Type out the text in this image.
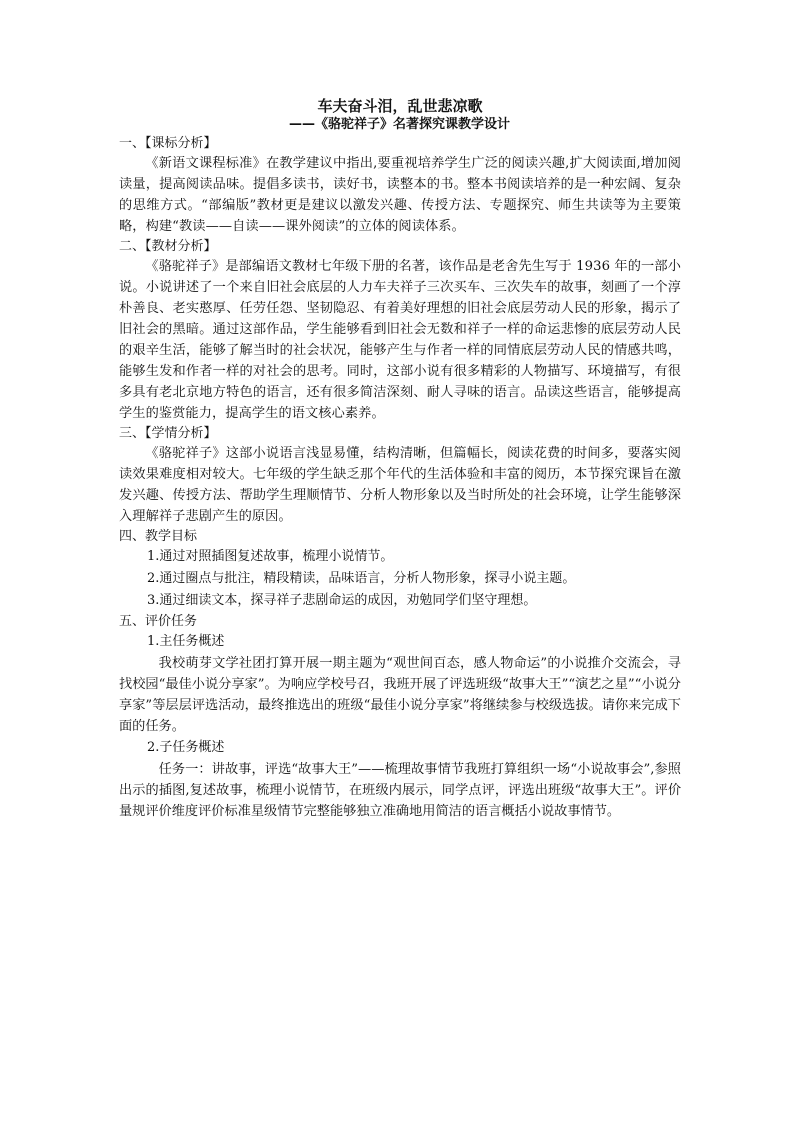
车夫奋斗泪，乱世悲凉歌

——《骆驼祥子》名著探究课教学设计

一、【课标分析】

《新语文课程标准》在教学建议中指出,要重视培养学生广泛的阅读兴趣,扩大阅读面,增加阅读量，提高阅读品味。提倡多读书，读好书，读整本的书。整本书阅读培养的是一种宏阔、复杂的思维方式。“部编版”教材更是建议以激发兴趣、传授方法、专题探究、师生共读等为主要策略，构建“教读——自读——课外阅读”的立体的阅读体系。

二、【教材分析】

《骆驼祥子》是部编语文教材七年级下册的名著，该作品是老舍先生写于 1936 年的一部小说。小说讲述了一个来自旧社会底层的人力车夫祥子三次买车、三次失车的故事，刻画了一个淳朴善良、老实憨厚、任劳任怨、坚韧隐忍、有着美好理想的旧社会底层劳动人民的形象，揭示了旧社会的黑暗。通过这部作品，学生能够看到旧社会无数和祥子一样的命运悲惨的底层劳动人民的艰辛生活，能够了解当时的社会状况，能够产生与作者一样的同情底层劳动人民的情感共鸣，能够生发和作者一样的对社会的思考。同时，这部小说有很多精彩的人物描写、环境描写，有很多具有老北京地方特色的语言，还有很多简洁深刻、耐人寻味的语言。品读这些语言，能够提高学生的鉴赏能力，提高学生的语文核心素养。

三、【学情分析】

《骆驼祥子》这部小说语言浅显易懂，结构清晰，但篇幅长，阅读花费的时间多，要落实阅读效果难度相对较大。七年级的学生缺乏那个年代的生活体验和丰富的阅历，本节探究课旨在激发兴趣、传授方法、帮助学生理顺情节、分析人物形象以及当时所处的社会环境，让学生能够深入理解祥子悲剧产生的原因。

四、教学目标

1.通过对照插图复述故事，梳理小说情节。

2.通过圈点与批注，精段精读，品味语言，分析人物形象，探寻小说主题。

3.通过细读文本，探寻祥子悲剧命运的成因，劝勉同学们坚守理想。

五、评价任务

1.主任务概述

我校萌芽文学社团打算开展一期主题为“观世间百态，感人物命运”的小说推介交流会，寻找校园“最佳小说分享家”。为响应学校号召，我班开展了评选班级“故事大王”“演艺之星”“小说分享家”等层层评选活动，最终推选出的班级“最佳小说分享家”将继续参与校级选拔。请你来完成下面的任务。

2.子任务概述

任务一：讲故事，评选“故事大王”——梳理故事情节我班打算组织一场“小说故事会”,参照出示的插图,复述故事，梳理小说情节，在班级内展示，同学点评，评选出班级“故事大王”。评价量规评价维度评价标准星级情节完整能够独立准确地用简洁的语言概括小说故事情节。
